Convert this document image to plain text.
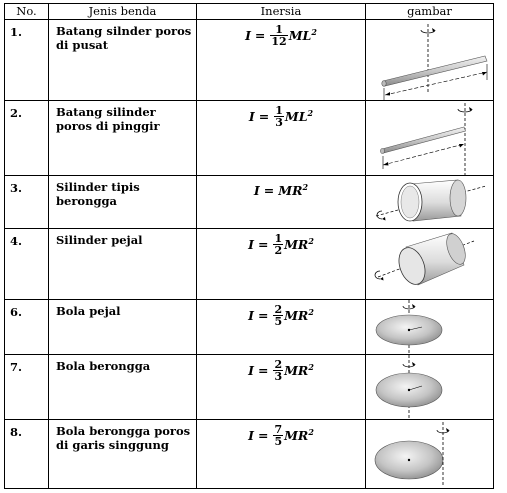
No.	Jenis benda	Inersia	gambar
1.	Batang silnder poros di pusat	$I = \frac{1}{12} ML^2$

2.	Batang silinder poros di pinggir	$I = \frac{1}{3} ML^2$

3.	Silinder tipis berongga	$I = MR^2$

4.	Silinder pejal	$I = \frac{1}{2} MR^2$

6.	Bola pejal	$I = \frac{2}{5} MR^2$

7.	Bola berongga	$I = \frac{2}{3} MR^2$

8.	Bola berongga poros di garis singgung	$I = \frac{7}{5} MR^2$
